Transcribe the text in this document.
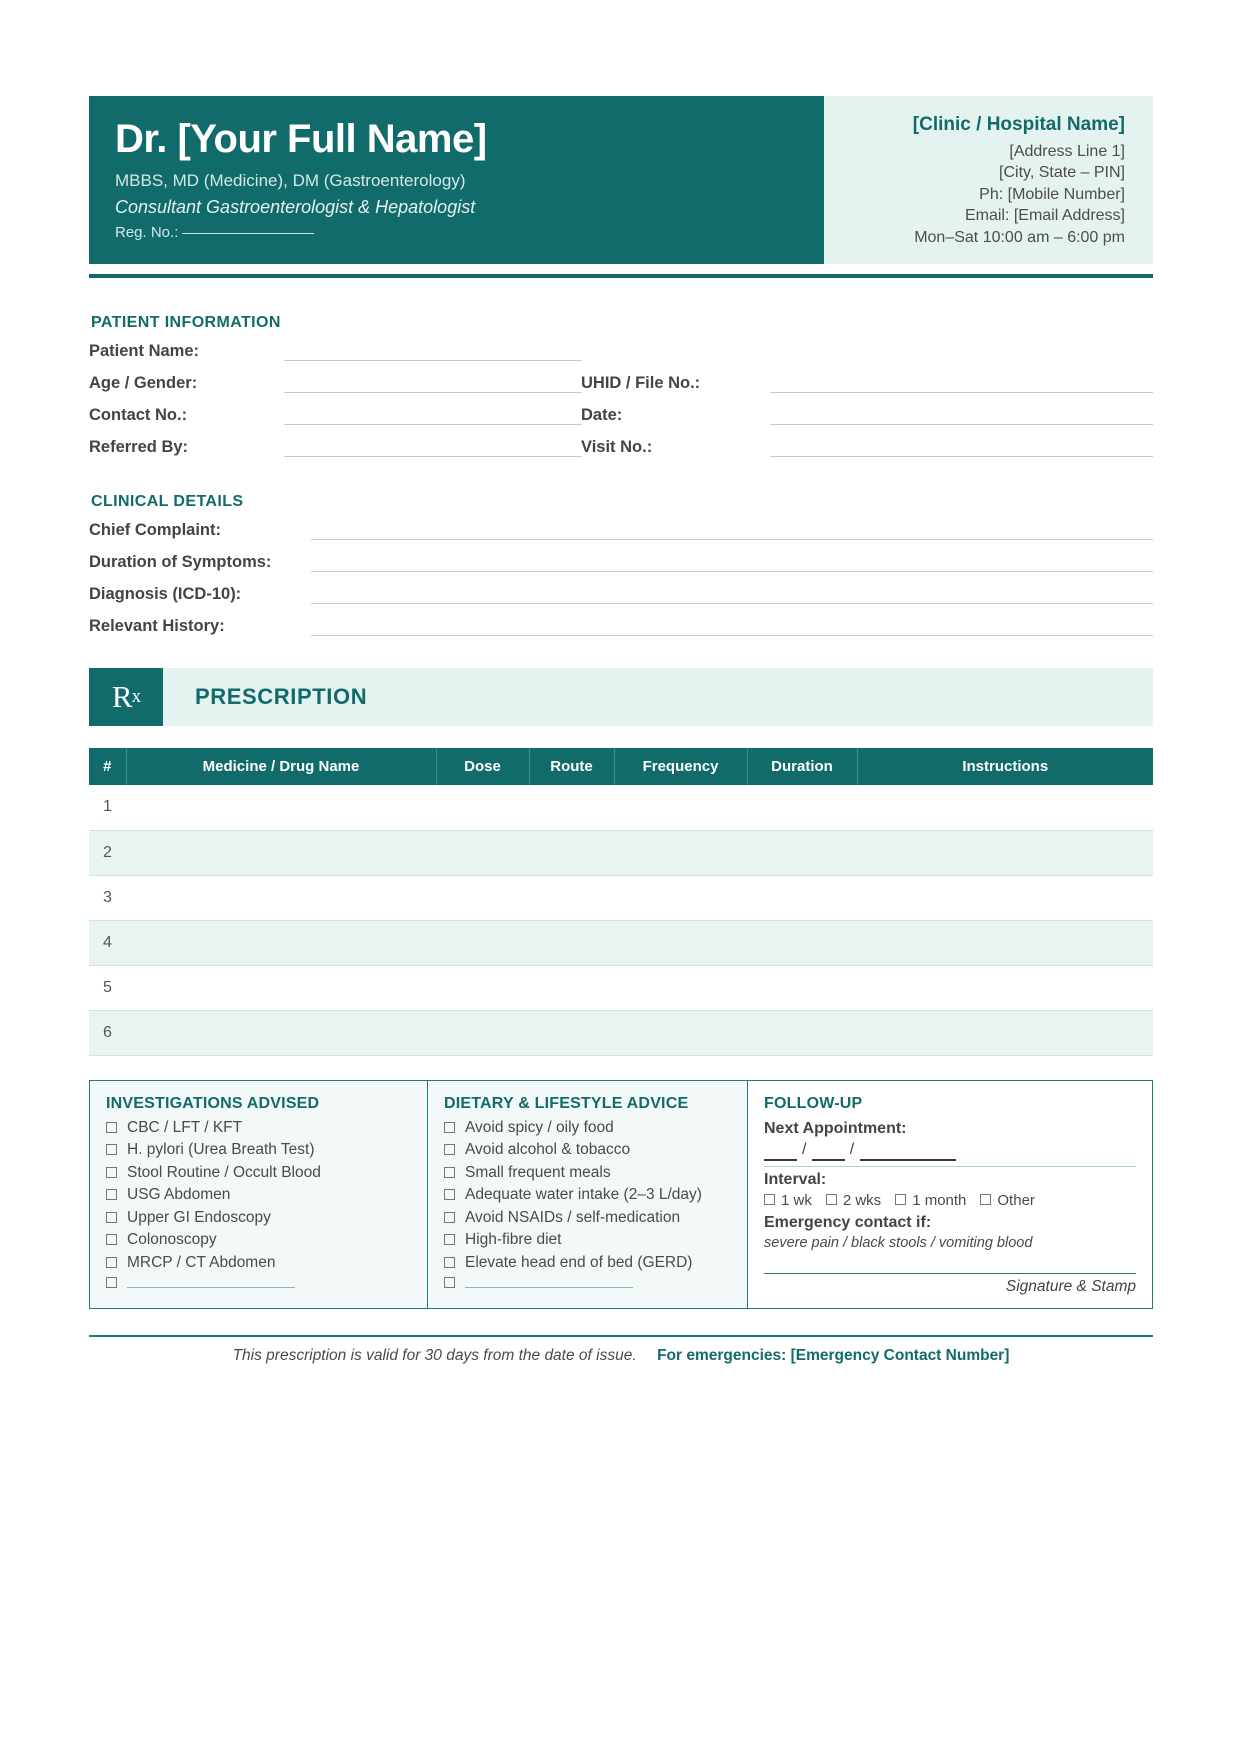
Dr. [Your Full Name]
MBBS, MD (Medicine), DM (Gastroenterology)
Consultant Gastroenterologist & Hepatologist
Reg. No.:
[Clinic / Hospital Name]
[Address Line 1]
[City, State – PIN]
Ph: [Mobile Number]
Email: [Email Address]
Mon–Sat 10:00 am – 6:00 pm
PATIENT INFORMATION
Patient Name:
Age / Gender:	UHID / File No.:
Contact No.:	Date:
Referred By:	Visit No.:
CLINICAL DETAILS
Chief Complaint:
Duration of Symptoms:
Diagnosis (ICD-10):
Relevant History:
R x	PRESCRIPTION
#	Medicine / Drug Name	Dose	Route	Frequency	Duration	Instructions
1						
2						
3						
4						
5						
6						
INVESTIGATIONS ADVISED
CBC / LFT / KFT
H. pylori (Urea Breath Test)
Stool Routine / Occult Blood
USG Abdomen
Upper GI Endoscopy
Colonoscopy
MRCP / CT Abdomen
DIETARY & LIFESTYLE ADVICE
Avoid spicy / oily food
Avoid alcohol & tobacco
Small frequent meals
Adequate water intake (2–3 L/day)
Avoid NSAIDs / self-medication
High-fibre diet
Elevate head end of bed (GERD)
FOLLOW-UP
Next Appointment:
/   /
Interval:
1 wk	2 wks	1 month	Other
Emergency contact if:
severe pain / black stools / vomiting blood
Signature & Stamp
This prescription is valid for 30 days from the date of issue. For emergencies: [Emergency Contact Number]
